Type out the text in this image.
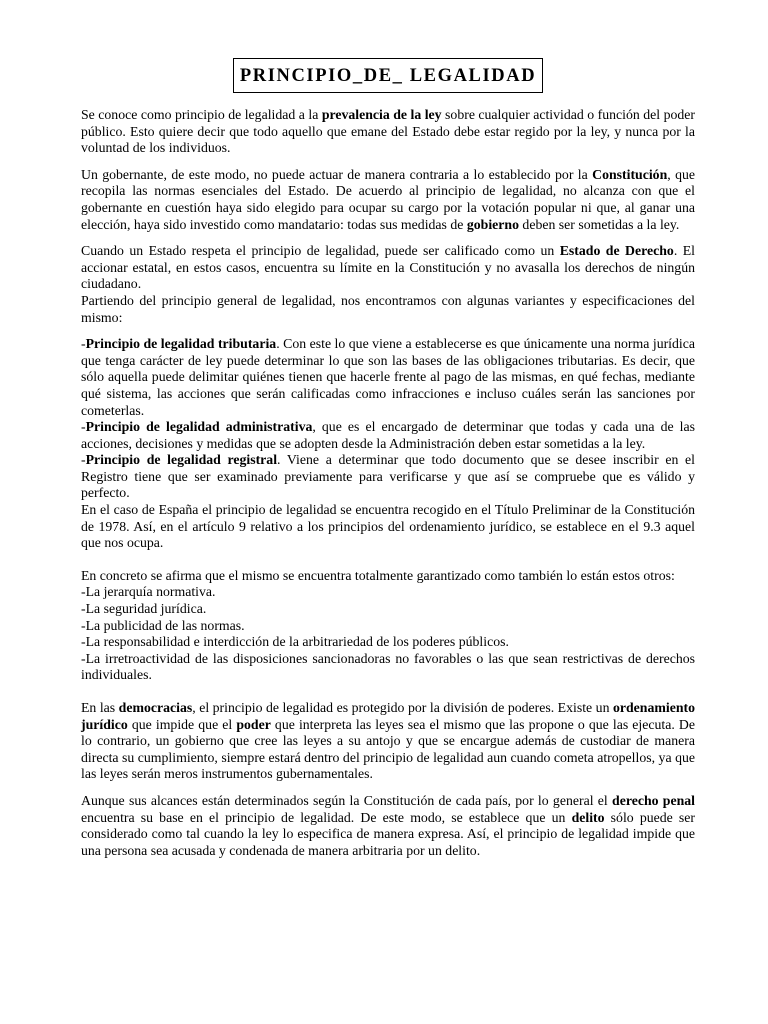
PRINCIPIO_DE_ LEGALIDAD

Se conoce como principio de legalidad a la prevalencia de la ley sobre cualquier actividad o función del poder público. Esto quiere decir que todo aquello que emane del Estado debe estar regido por la ley, y nunca por la voluntad de los individuos.

Un gobernante, de este modo, no puede actuar de manera contraria a lo establecido por la Constitución, que recopila las normas esenciales del Estado. De acuerdo al principio de legalidad, no alcanza con que el gobernante en cuestión haya sido elegido para ocupar su cargo por la votación popular ni que, al ganar una elección, haya sido investido como mandatario: todas sus medidas de gobierno deben ser sometidas a la ley.

Cuando un Estado respeta el principio de legalidad, puede ser calificado como un Estado de Derecho. El accionar estatal, en estos casos, encuentra su límite en la Constitución y no avasalla los derechos de ningún ciudadano.

Partiendo del principio general de legalidad, nos encontramos con algunas variantes y especificaciones del mismo:

-Principio de legalidad tributaria. Con este lo que viene a establecerse es que únicamente una norma jurídica que tenga carácter de ley puede determinar lo que son las bases de las obligaciones tributarias. Es decir, que sólo aquella puede delimitar quiénes tienen que hacerle frente al pago de las mismas, en qué fechas, mediante qué sistema, las acciones que serán calificadas como infracciones e incluso cuáles serán las sanciones por cometerlas.

-Principio de legalidad administrativa, que es el encargado de determinar que todas y cada una de las acciones, decisiones y medidas que se adopten desde la Administración deben estar sometidas a la ley.

-Principio de legalidad registral. Viene a determinar que todo documento que se desee inscribir en el Registro tiene que ser examinado previamente para verificarse y que así se compruebe que es válido y perfecto.

En el caso de España el principio de legalidad se encuentra recogido en el Título Preliminar de la Constitución de 1978. Así, en el artículo 9 relativo a los principios del ordenamiento jurídico, se establece en el 9.3 aquel que nos ocupa.

En concreto se afirma que el mismo se encuentra totalmente garantizado como también lo están estos otros:

-La jerarquía normativa.

-La seguridad jurídica.

-La publicidad de las normas.

-La responsabilidad e interdicción de la arbitrariedad de los poderes públicos.

-La irretroactividad de las disposiciones sancionadoras no favorables o las que sean restrictivas de derechos individuales.

En las democracias, el principio de legalidad es protegido por la división de poderes. Existe un ordenamiento jurídico que impide que el poder que interpreta las leyes sea el mismo que las propone o que las ejecuta. De lo contrario, un gobierno que cree las leyes a su antojo y que se encargue además de custodiar de manera directa su cumplimiento, siempre estará dentro del principio de legalidad aun cuando cometa atropellos, ya que las leyes serán meros instrumentos gubernamentales.

Aunque sus alcances están determinados según la Constitución de cada país, por lo general el derecho penal encuentra su base en el principio de legalidad. De este modo, se establece que un delito sólo puede ser considerado como tal cuando la ley lo especifica de manera expresa. Así, el principio de legalidad impide que una persona sea acusada y condenada de manera arbitraria por un delito.
